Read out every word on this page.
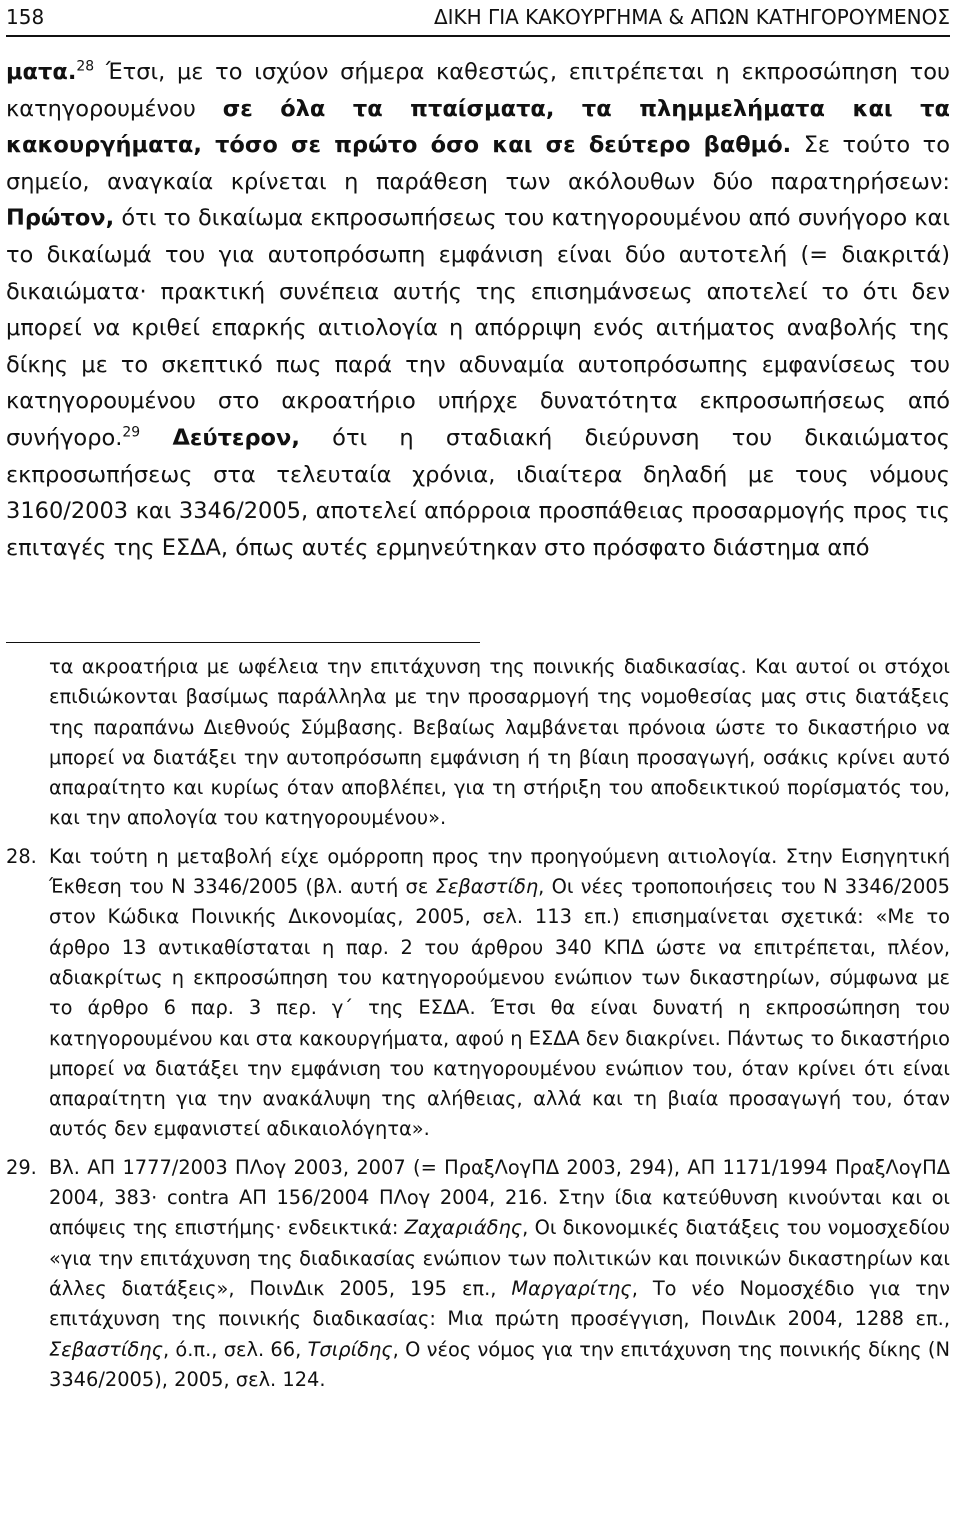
158	ΔΙΚΗ ΓΙΑ ΚΑΚΟΥΡΓΗΜΑ & ΑΠΩΝ ΚΑΤΗΓΟΡΟΥΜΕΝΟΣ
ματα.$^{28}$ Έτσι, με το ισχύον σήμερα καθεστώς, επιτρέπεται η εκπροσώπηση του κατηγορουμένου σε όλα τα πταίσματα, τα πλημμελήματα και τα κακουργήματα, τόσο σε πρώτο όσο και σε δεύτερο βαθμό. Σε τούτο το σημείο, αναγκαία κρίνεται η παράθεση των ακόλουθων δύο παρατηρήσεων: Πρώτον, ότι το δικαίωμα εκπροσωπήσεως του κατηγορουμένου από συνήγορο και το δικαίωμά του για αυτοπρόσωπη εμφάνιση είναι δύο αυτοτελή (= διακριτά) δικαιώματα· πρακτική συνέπεια αυτής της επισημάνσεως αποτελεί το ότι δεν μπορεί να κριθεί επαρκής αιτιολογία η απόρριψη ενός αιτήματος αναβολής της δίκης με το σκεπτικό πως παρά την αδυναμία αυτοπρόσωπης εμφανίσεως του κατηγορουμένου στο ακροατήριο υπήρχε δυνατότητα εκπροσωπήσεως από συνήγορο.$^{29}$ Δεύτερον, ότι η σταδιακή διεύρυνση του δικαιώματος εκπροσωπήσεως στα τελευταία χρόνια, ιδιαίτερα δηλαδή με τους νόμους 3160/2003 και 3346/2005, αποτελεί απόρροια προσπάθειας προσαρμογής προς τις επιταγές της ΕΣΔΑ, όπως αυτές ερμηνεύτηκαν στο πρόσφατο διάστημα από

τα ακροατήρια με ωφέλεια την επιτάχυνση της ποινικής διαδικασίας. Και αυτοί οι στόχοι επιδιώκονται βασίμως παράλληλα με την προσαρμογή της νομοθεσίας μας στις διατάξεις της παραπάνω Διεθνούς Σύμβασης. Βεβαίως λαμβάνεται πρόνοια ώστε το δικαστήριο να μπορεί να διατάξει την αυτοπρόσωπη εμφάνιση ή τη βίαιη προσαγωγή, οσάκις κρίνει αυτό απαραίτητο και κυρίως όταν αποβλέπει, για τη στήριξη του αποδεικτικού πορίσματός του, και την απολογία του κατηγορουμένου».

28. Και τούτη η μεταβολή είχε ομόρροπη προς την προηγούμενη αιτιολογία. Στην Εισηγητική Έκθεση του Ν 3346/2005 (βλ. αυτή σε Σεβαστίδη, Οι νέες τροποποιήσεις του Ν 3346/2005 στον Κώδικα Ποινικής Δικονομίας, 2005, σελ. 113 επ.) επισημαίνεται σχετικά: «Με το άρθρο 13 αντικαθίσταται η παρ. 2 του άρθρου 340 ΚΠΔ ώστε να επιτρέπεται, πλέον, αδιακρίτως η εκπροσώπηση του κατηγορούμενου ενώπιον των δικαστηρίων, σύμφωνα με το άρθρο 6 παρ. 3 περ. γ΄ της ΕΣΔΑ. Έτσι θα είναι δυνατή η εκπροσώπηση του κατηγορουμένου και στα κακουργήματα, αφού η ΕΣΔΑ δεν διακρίνει. Πάντως το δικαστήριο μπορεί να διατάξει την εμφάνιση του κατηγορουμένου ενώπιον του, όταν κρίνει ότι είναι απαραίτητη για την ανακάλυψη της αλήθειας, αλλά και τη βιαία προσαγωγή του, όταν αυτός δεν εμφανιστεί αδικαιολόγητα».

29. Βλ. ΑΠ 1777/2003 ΠΛογ 2003, 2007 (= ΠραξΛογΠΔ 2003, 294), ΑΠ 1171/1994 ΠραξΛογΠΔ 2004, 383· contra ΑΠ 156/2004 ΠΛογ 2004, 216. Στην ίδια κατεύθυνση κινούνται και οι απόψεις της επιστήμης· ενδεικτικά: Ζαχαριάδης, Οι δικονομικές διατάξεις του νομοσχεδίου «για την επιτάχυνση της διαδικασίας ενώπιον των πολιτικών και ποινικών δικαστηρίων και άλλες διατάξεις», ΠοινΔικ 2005, 195 επ., Μαργαρίτης, Το νέο Νομοσχέδιο για την επιτάχυνση της ποινικής διαδικασίας: Μια πρώτη προσέγγιση, ΠοινΔικ 2004, 1288 επ., Σεβαστίδης, ό.π., σελ. 66, Τσιρίδης, Ο νέος νόμος για την επιτάχυνση της ποινικής δίκης (Ν 3346/2005), 2005, σελ. 124.
